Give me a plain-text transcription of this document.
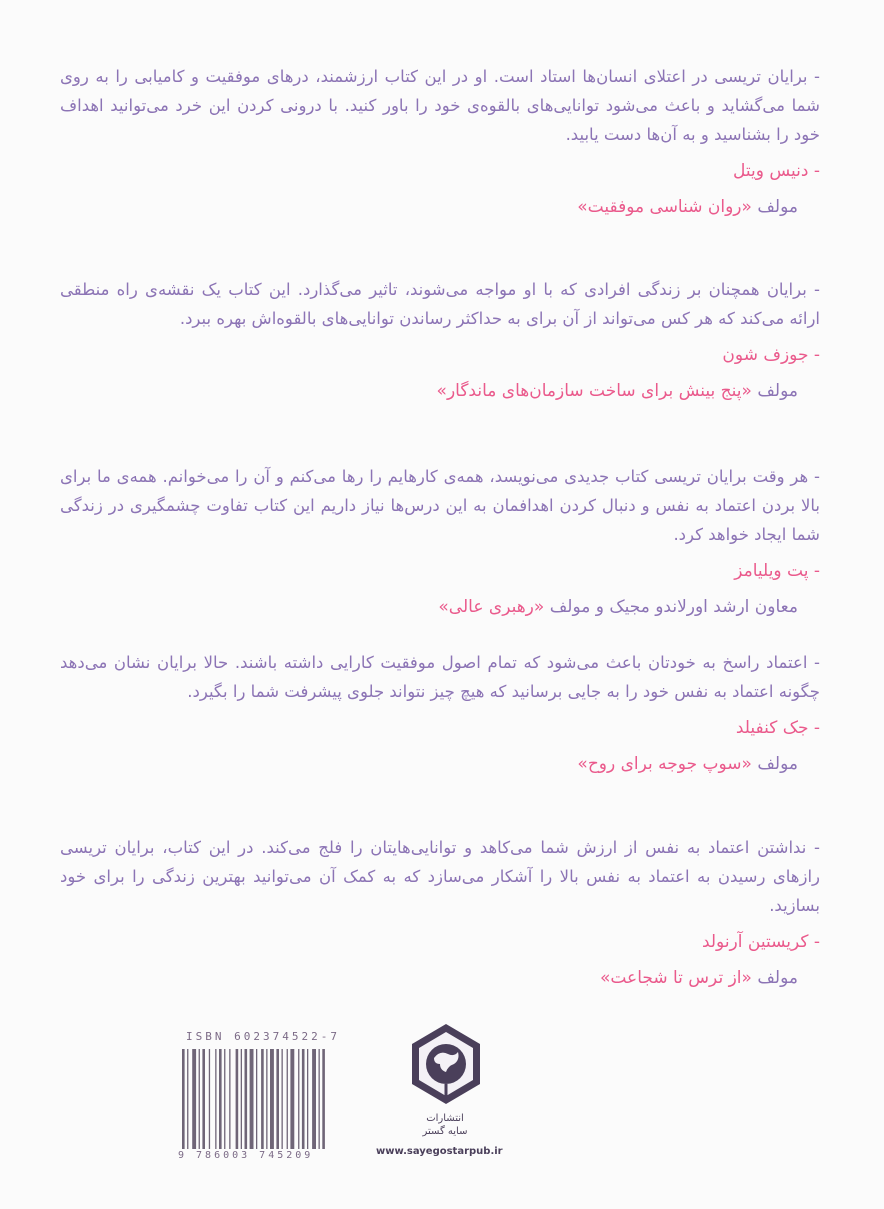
- برایان تریسی در اعتلای انسان‌ها استاد است. او در این کتاب ارزشمند، درهای موفقیت و کامیابی را به روی شما می‌گشاید و باعث می‌شود توانایی‌های بالقوه‌ی خود را باور کنید. با درونی کردن این خرد می‌توانید اهداف خود را بشناسید و به آن‌ها دست یابید.

- دنیس ویتل
مولف «روان شناسی موفقیت»

- برایان همچنان بر زندگی افرادی که با او مواجه می‌شوند، تاثیر می‌گذارد. این کتاب یک نقشه‌ی راه منطقی ارائه می‌کند که هر کس می‌تواند از آن برای به حداکثر رساندن توانایی‌های بالقوه‌اش بهره ببرد.

- جوزف شون
مولف «پنج بینش برای ساخت سازمان‌های ماندگار»

- هر وقت برایان تریسی کتاب جدیدی می‌نویسد، همه‌ی کارهایم را رها می‌کنم و آن را می‌خوانم. همه‌ی ما برای بالا بردن اعتماد به نفس و دنبال کردن اهدافمان به این درس‌ها نیاز داریم این کتاب تفاوت چشمگیری در زندگی شما ایجاد خواهد کرد.

- پت ویلیامز
معاون ارشد اورلاندو مجیک و مولف «رهبری عالی»

- اعتماد راسخ به خودتان باعث می‌شود که تمام اصول موفقیت کارایی داشته باشند. حالا برایان نشان می‌دهد چگونه اعتماد به نفس خود را به جایی برسانید که هیچ چیز نتواند جلوی پیشرفت شما را بگیرد.

- جک کنفیلد
مولف «سوپ جوجه برای روح»

- نداشتن اعتماد به نفس از ارزش شما می‌کاهد و توانایی‌هایتان را فلج می‌کند. در این کتاب، برایان تریسی رازهای رسیدن به اعتماد به نفس بالا را آشکار می‌سازد که به کمک آن می‌توانید بهترین زندگی را برای خود بسازید.

- کریستین آرنولد
مولف «از ترس تا شجاعت»
ISBN 602374522-7
9 786003 745209
انتشارات
سایه گستر
www.sayegostarpub.ir
